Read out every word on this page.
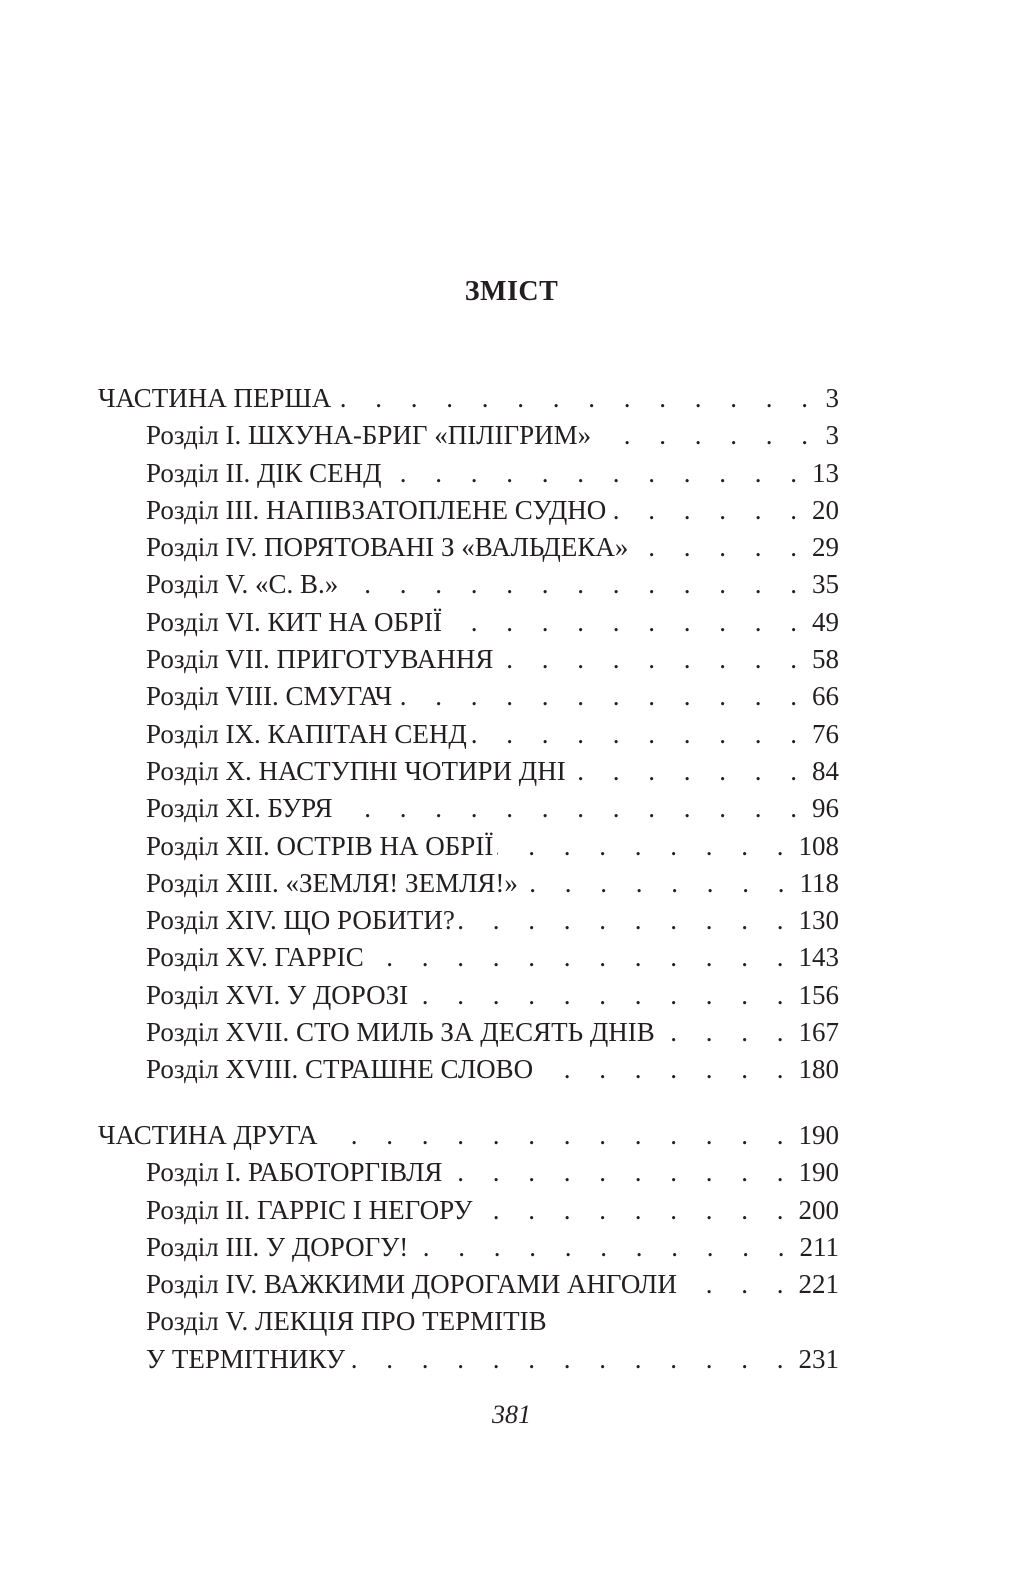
ЗМІСТ
ЧАСТИНА ПЕРША . . .	3
Розділ I. ШХУНА-БРИГ «ПІЛІГРИМ» . . .	3
Розділ II. ДІК СЕНД . . .	13
Розділ III. НАПІВЗАТОПЛЕНЕ СУДНО . . .	20
Розділ IV. ПОРЯТОВАНІ З «ВАЛЬДЕКА» . . .	29
Розділ V. «С. В.» . . .	35
Розділ VI. КИТ НА ОБРІЇ . . .	49
Розділ VII. ПРИГОТУВАННЯ . . .	58
Розділ VIII. СМУГАЧ . . .	66
Розділ IX. КАПІТАН СЕНД . . .	76
Розділ X. НАСТУПНІ ЧОТИРИ ДНІ . . .	84
Розділ XI. БУРЯ . . .	96
Розділ XII. ОСТРІВ НА ОБРІЇ . . .	108
Розділ XIII. «ЗЕМЛЯ! ЗЕМЛЯ!» . . .	118
Розділ XIV. ЩО РОБИТИ? . . .	130
Розділ XV. ГАРРІС . . .	143
Розділ XVI. У ДОРОЗІ . . .	156
Розділ XVII. СТО МИЛЬ ЗА ДЕСЯТЬ ДНІВ . . .	167
Розділ XVIII. СТРАШНЕ СЛОВО . . .	180
ЧАСТИНА ДРУГА . . .	190
Розділ I. РАБОТОРГІВЛЯ . . .	190
Розділ II. ГАРРІС І НЕГОРУ . . .	200
Розділ III. У ДОРОГУ! . . .	211
Розділ IV. ВАЖКИМИ ДОРОГАМИ АНГОЛИ . . .	221
Розділ V. ЛЕКЦІЯ ПРО ТЕРМІТІВ
У ТЕРМІТНИКУ . . .	231
381
